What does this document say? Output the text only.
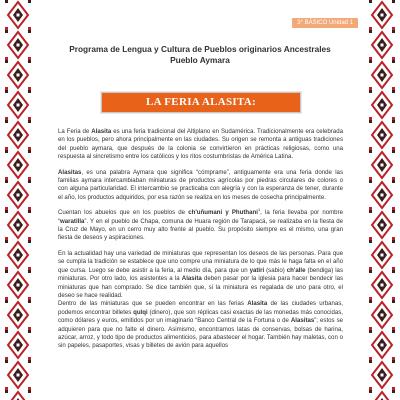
3° BÁSICO Unidad 1
Programa de Lengua y Cultura de Pueblos originarios Ancestrales
Pueblo Aymara
LA FERIA ALASITA:

La Feria de Alasita es una feria tradicional del Altiplano en Sudamérica. Tradicionalmente era celebrada en los pueblos, pero ahora principalmente en las ciudades. Su origen se remonta a antiguas tradiciones del pueblo aymara, que después de la colonia se convirtieron en prácticas religiosas, como una respuesta al sincretismo entre los católicos y los ritos costumbristas de América Latina.

Alasitas, es una palabra Aymara que significa “cómprame”, antiguamente era una feria donde las familias aymara intercambiaban miniaturas de productos agrícolas por piedras circulares de colores o con alguna particularidad. El intercambio se practicaba con alegría y con la esperanza de tener, durante el año, los productos adquiridos, por esa razón se realiza en los meses de cosecha principalmente.

Cuentan los abuelos que en los pueblos de ch'uñumani y Phuthani$^1$, la feria llevaba por nombre “waratilla”. Y en el pueblo de Chapa, comuna de Huara región de Tarapacá, se realizaba en la fiesta de la Cruz de Mayo, en un cerro muy alto frente al pueblo. Su propósito siempre es el mismo, una gran fiesta de deseos y aspiraciones.

En la actualidad hay una variedad de miniaturas que representan los deseos de las personas. Para que se cumpla la tradición se establece que uno compre una miniatura de lo que más le haga falta en el año que cursa. Luego se debe asistir a la feria, al medio día, para que un yatiri (sabio) ch'alle (bendiga) las miniaturas. Por otro lado, los asistentes a la Alasita deben pasar por la iglesia para hacer bendecir las miniaturas que han comprado. Se dice también que, si la miniatura es regalada de uno para otro, el deseo se hace realidad.

Dentro de las miniaturas que se pueden encontrar en las ferias Alasita de las ciudades urbanas, podemos encontrar billetes qulqi (dinero), que son réplicas casi exactas de las monedas más conocidas, como dólares y euros, emitidos por un imaginario “Banco Central de la Fortuna o de Alasitas”; estos se adquieren para que no falte el dinero. Asimismo, encontramos latas de conservas, bolsas de harina, azúcar, arroz, y todo tipo de productos alimenticios, para abastecer el hogar. También hay maletas, con o sin papeles, pasaportes, visas y billetes de avión para aquellos
